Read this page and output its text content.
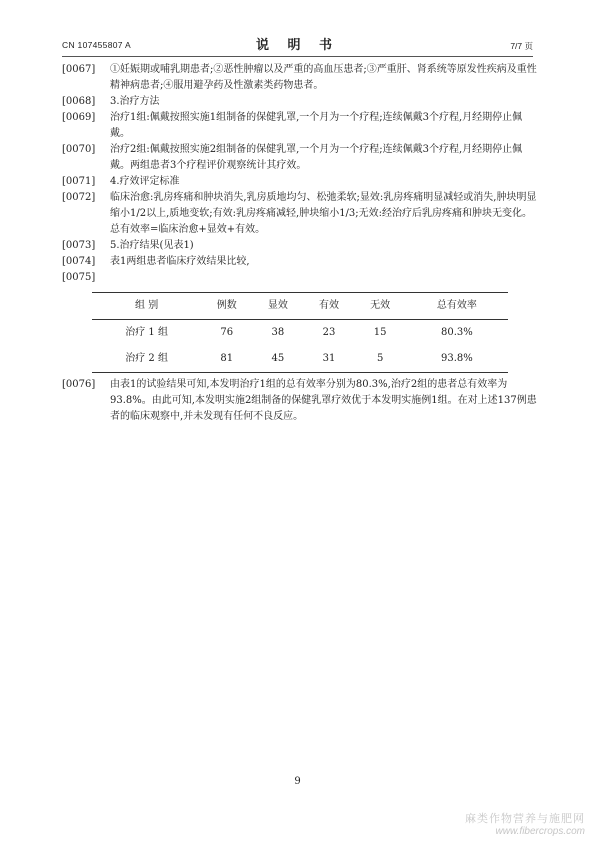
CN 107455807 A	说 明 书	7/7 页
[0067]	①妊娠期或哺乳期患者;②恶性肿瘤以及严重的高血压患者;③严重肝、肾系统等原发性疾病及重性精神病患者;④服用避孕药及性激素类药物患者。
[0068]	3.治疗方法
[0069]	治疗1组:佩戴按照实施1组制备的保健乳罩,一个月为一个疗程;连续佩戴3个疗程,月经期停止佩戴。
[0070]	治疗2组:佩戴按照实施2组制备的保健乳罩,一个月为一个疗程;连续佩戴3个疗程,月经期停止佩戴。两组患者3个疗程评价观察统计其疗效。
[0071]	4.疗效评定标准
[0072]	临床治愈:乳房疼痛和肿块消失,乳房质地均匀、松弛柔软;显效:乳房疼痛明显减轻或消失,肿块明显缩小1/2以上,质地变软;有效:乳房疼痛减轻,肿块缩小1/3;无效:经治疗后乳房疼痛和肿块无变化。总有效率=临床治愈+显效+有效。
[0073]	5.治疗结果(见表1)
[0074]	表1两组患者临床疗效结果比较,
[0075]
组 别	例数	显效	有效	无效	总有效率
治疗 1 组	76	38	23	15	80.3%
治疗 2 组	81	45	31	5	93.8%
[0076]	由表1的试验结果可知,本发明治疗1组的总有效率分别为80.3%,治疗2组的患者总有效率为93.8%。由此可知,本发明实施2组制备的保健乳罩疗效优于本发明实施例1组。在对上述137例患者的临床观察中,并未发现有任何不良反应。
9
麻类作物营养与施肥网
www.fibercrops.com
